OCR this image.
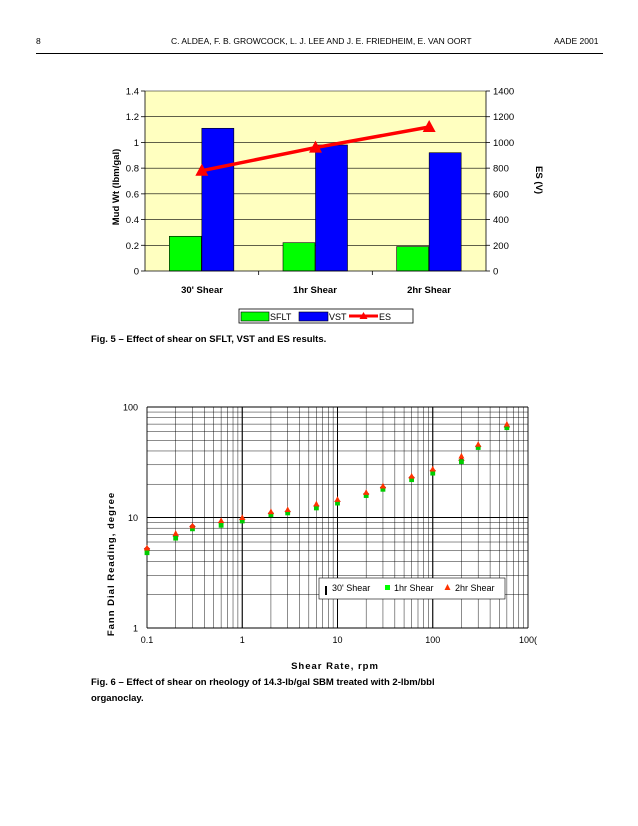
8	C. ALDEA, F. B. GROWCOCK, L. J. LEE AND J. E. FRIEDHEIM, E. VAN OORT	AADE 2001
0
0.2
0.4
0.6
0.8
1
1.2
1.4
0
200
400
600
800
1000
1200
1400
30' Shear	1hr Shear	2hr Shear
Mud Wt (lbm/gal)	ES (V)
SFLT	VST	ES
Fig. 5 – Effect of shear on SFLT, VST and ES results.
0.1	1	10	100	100(
1
10
100
Shear Rate, rpm
Fann Dial Reading, degree	30' Shear	1hr Shear 2hr Shear
Fig. 6 – Effect of shear on rheology of 14.3-lb/gal SBM treated with 2-lbm/bbl
organoclay.
